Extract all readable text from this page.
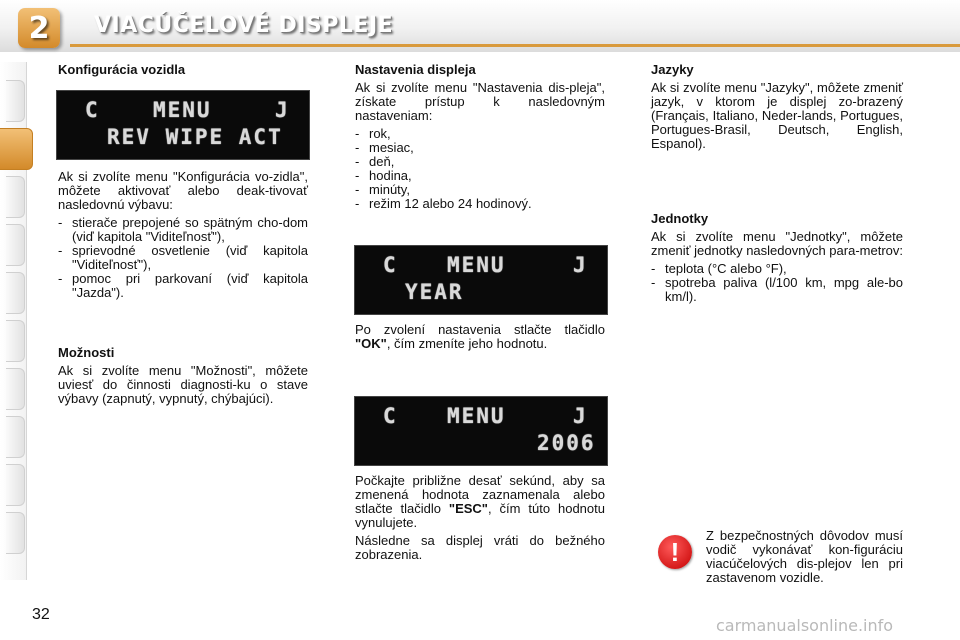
2	VIACÚČELOVÉ DISPLEJE
Konfigurácia vozidla
C	MENU	J
REV WIPE ACT

Ak si zvolíte menu "Konfigurácia vo-zidla", môžete aktivovať alebo deak-tivovať nasledovnú výbavu:

- stierače prepojené so spätným cho-dom (viď kapitola "Viditeľnosť"),
- sprievodné osvetlenie (viď kapitola "Viditeľnosť"),
- pomoc pri parkovaní (viď kapitola "Jazda").
Možnosti

Ak si zvolíte menu "Možnosti", môžete uviesť do činnosti diagnosti-ku o stave výbavy (zapnutý, vypnutý, chýbajúci).

Nastavenia displeja

Ak si zvolíte menu "Nastavenia dis-pleja", získate prístup k nasledovným nastaveniam:

- rok,
- mesiac,
- deň,
- hodina,
- minúty,
- režim 12 alebo 24 hodinový.
C MENU	J
YEAR

Po zvolení nastavenia stlačte tlačidlo "OK", čím zmeníte jeho hodnotu.

C MENU	J
2006

Počkajte približne desať sekúnd, aby sa zmenená hodnota zaznamenala alebo stlačte tlačidlo "ESC", čím túto hodnotu vynulujete.

Následne sa displej vráti do bežného zobrazenia.

Jazyky

Ak si zvolíte menu "Jazyky", môžete zmeniť jazyk, v ktorom je displej zo-brazený (Français, Italiano, Neder-lands, Portugues, Portugues-Brasil, Deutsch, English, Espanol).

Jednotky

Ak si zvolíte menu "Jednotky", môžete zmeniť jednotky nasledovných para-metrov:

- teplota (°C alebo °F),
- spotreba paliva (l/100 km, mpg ale-bo km/l).
!

Z bezpečnostných dôvodov musí vodič vykonávať kon-figuráciu viacúčelových dis-plejov len pri zastavenom vozidle.

32
carmanualsonline.info
